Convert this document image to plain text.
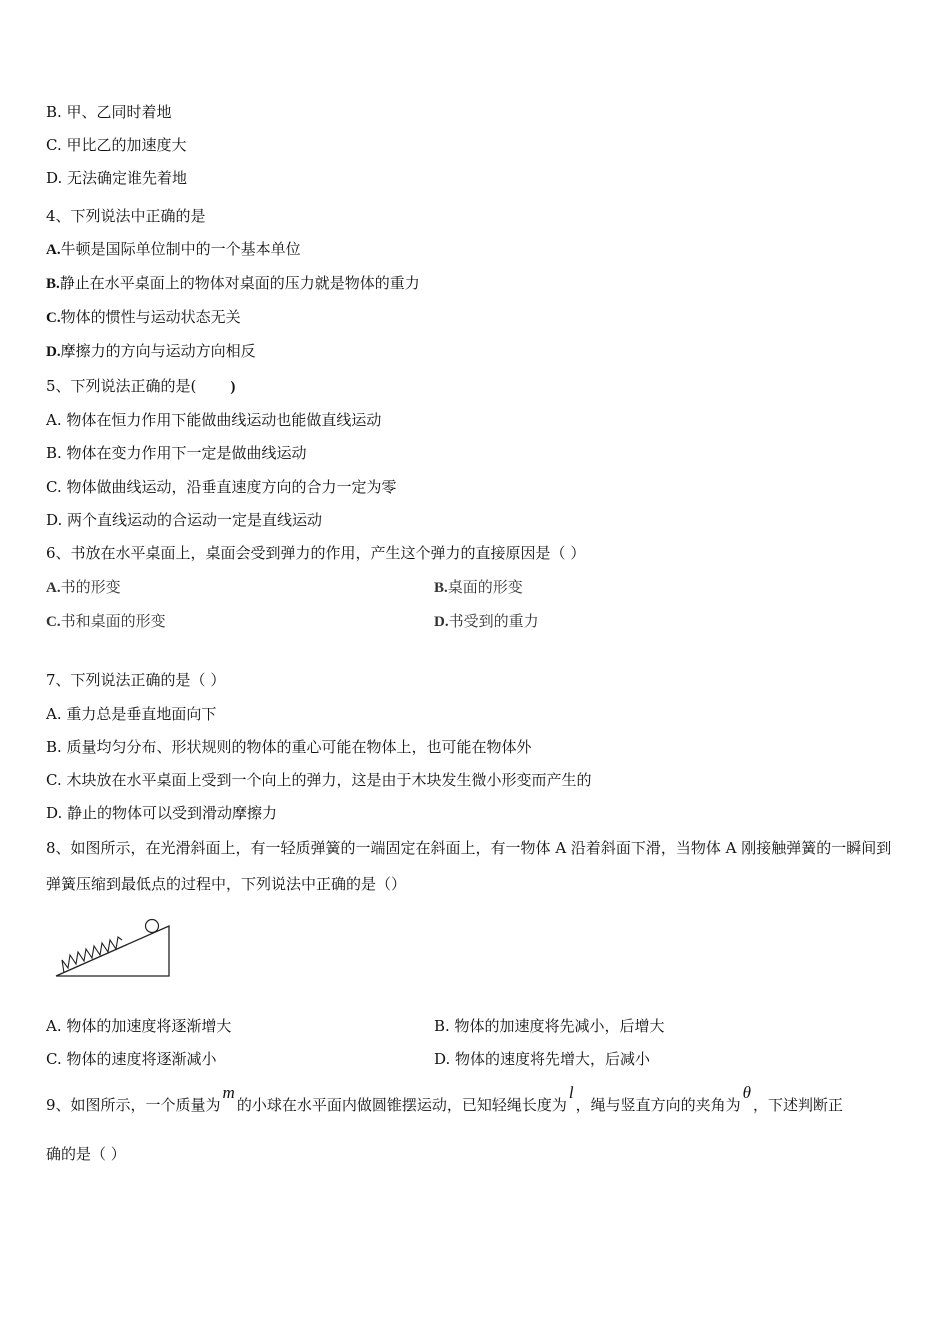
B. 甲、乙同时着地
C. 甲比乙的加速度大
D. 无法确定谁先着地
4、下列说法中正确的是
A.牛顿是国际单位制中的一个基本单位
B.静止在水平桌面上的物体对桌面的压力就是物体的重力
C.物体的惯性与运动状态无关
D.摩擦力的方向与运动方向相反
5、下列说法正确的是( )
A. 物体在恒力作用下能做曲线运动也能做直线运动
B. 物体在变力作用下一定是做曲线运动
C. 物体做曲线运动，沿垂直速度方向的合力一定为零
D. 两个直线运动的合运动一定是直线运动
6、书放在水平桌面上，桌面会受到弹力的作用，产生这个弹力的直接原因是（ ）
A.书的形变	B.桌面的形变
C.书和桌面的形变	D.书受到的重力
7、下列说法正确的是（ ）
A. 重力总是垂直地面向下
B. 质量均匀分布、形状规则的物体的重心可能在物体上，也可能在物体外
C. 木块放在水平桌面上受到一个向上的弹力，这是由于木块发生微小形变而产生的
D. 静止的物体可以受到滑动摩擦力
8、如图所示，在光滑斜面上，有一轻质弹簧的一端固定在斜面上，有一物体 A 沿着斜面下滑，当物体 A 刚接触弹簧的一瞬间到弹簧压缩到最低点的过程中，下列说法中正确的是（）
A. 物体的加速度将逐渐增大	B. 物体的加速度将先减小，后增大
C. 物体的速度将逐渐减小	D. 物体的速度将先增大，后减小
9、如图所示，一个质量为m的小球在水平面内做圆锥摆运动，已知轻绳长度为l，绳与竖直方向的夹角为θ，下述判断正
确的是（ ）
